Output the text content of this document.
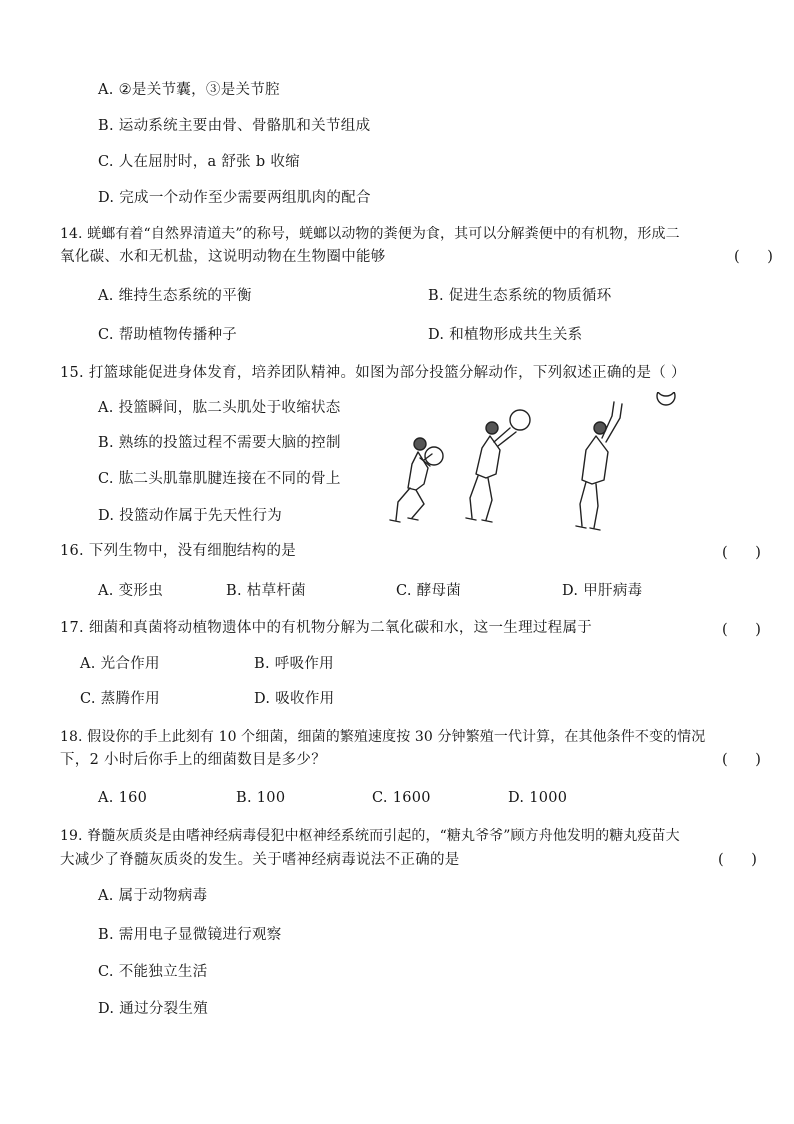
A. ②是关节囊，③是关节腔
B. 运动系统主要由骨、骨骼肌和关节组成
C. 人在屈肘时，a 舒张 b 收缩
D. 完成一个动作至少需要两组肌肉的配合
14. 蜣螂有着“自然界清道夫”的称号，蜣螂以动物的粪便为食，其可以分解粪便中的有机物，形成二
氧化碳、水和无机盐，这说明动物在生物圈中能够	(      )
A. 维持生态系统的平衡	B. 促进生态系统的物质循环
C. 帮助植物传播种子	D. 和植物形成共生关系
15. 打篮球能促进身体发育，培养团队精神。如图为部分投篮分解动作，下列叙述正确的是（ ）
A. 投篮瞬间，肱二头肌处于收缩状态
B. 熟练的投篮过程不需要大脑的控制
C. 肱二头肌靠肌腱连接在不同的骨上
D. 投篮动作属于先天性行为
16. 下列生物中，没有细胞结构的是	(      )
A. 变形虫	B. 枯草杆菌	C. 酵母菌	D. 甲肝病毒
17. 细菌和真菌将动植物遗体中的有机物分解为二氧化碳和水，这一生理过程属于	(      )
A. 光合作用	B. 呼吸作用
C. 蒸腾作用	D. 吸收作用
18. 假设你的手上此刻有 10 个细菌，细菌的繁殖速度按 30 分钟繁殖一代计算，在其他条件不变的情况
下，2 小时后你手上的细菌数目是多少？	(      )
A. 160	B. 100	C. 1600	D. 1000
19. 脊髓灰质炎是由嗜神经病毒侵犯中枢神经系统而引起的，“糖丸爷爷”顾方舟他发明的糖丸疫苗大
大减少了脊髓灰质炎的发生。关于嗜神经病毒说法不正确的是	(      )
A. 属于动物病毒
B. 需用电子显微镜进行观察
C. 不能独立生活
D. 通过分裂生殖
